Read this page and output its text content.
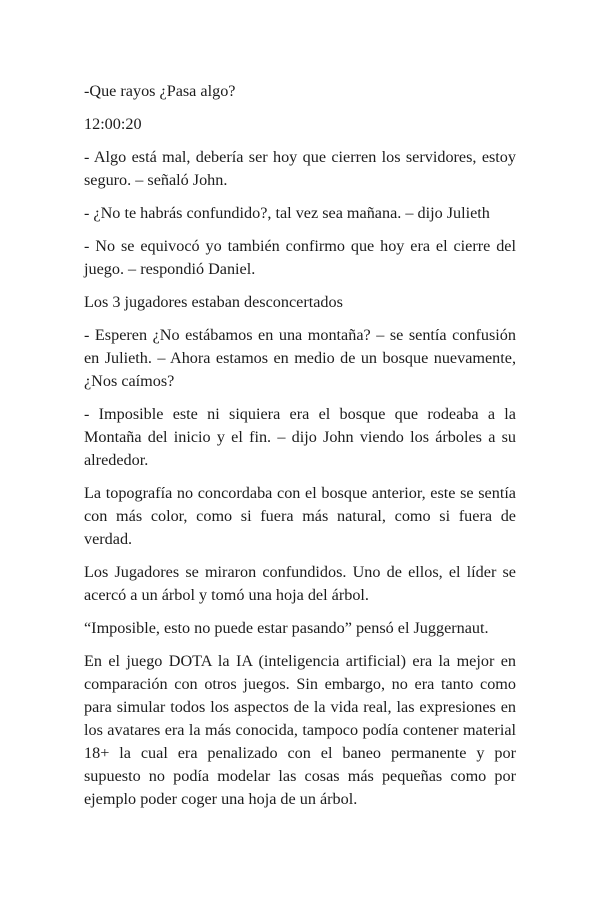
-Que rayos ¿Pasa algo?

12:00:20

- Algo está mal, debería ser hoy que cierren los servidores, estoy seguro. – señaló John.

- ¿No te habrás confundido?, tal vez sea mañana. – dijo Julieth

- No se equivocó yo también confirmo que hoy era el cierre del juego. – respondió Daniel.

Los 3 jugadores estaban desconcertados

- Esperen ¿No estábamos en una montaña? – se sentía confusión en Julieth. – Ahora estamos en medio de un bosque nuevamente, ¿Nos caímos?

- Imposible este ni siquiera era el bosque que rodeaba a la Montaña del inicio y el fin. – dijo John viendo los árboles a su alrededor.

La topografía no concordaba con el bosque anterior, este se sentía con más color, como si fuera más natural, como si fuera de verdad.

Los Jugadores se miraron confundidos. Uno de ellos, el líder se acercó a un árbol y tomó una hoja del árbol.

“Imposible, esto no puede estar pasando” pensó el Juggernaut.

En el juego DOTA la IA (inteligencia artificial) era la mejor en comparación con otros juegos. Sin embargo, no era tanto como para simular todos los aspectos de la vida real, las expresiones en los avatares era la más conocida, tampoco podía contener material 18+ la cual era penalizado con el baneo permanente y por supuesto no podía modelar las cosas más pequeñas como por ejemplo poder coger una hoja de un árbol.
